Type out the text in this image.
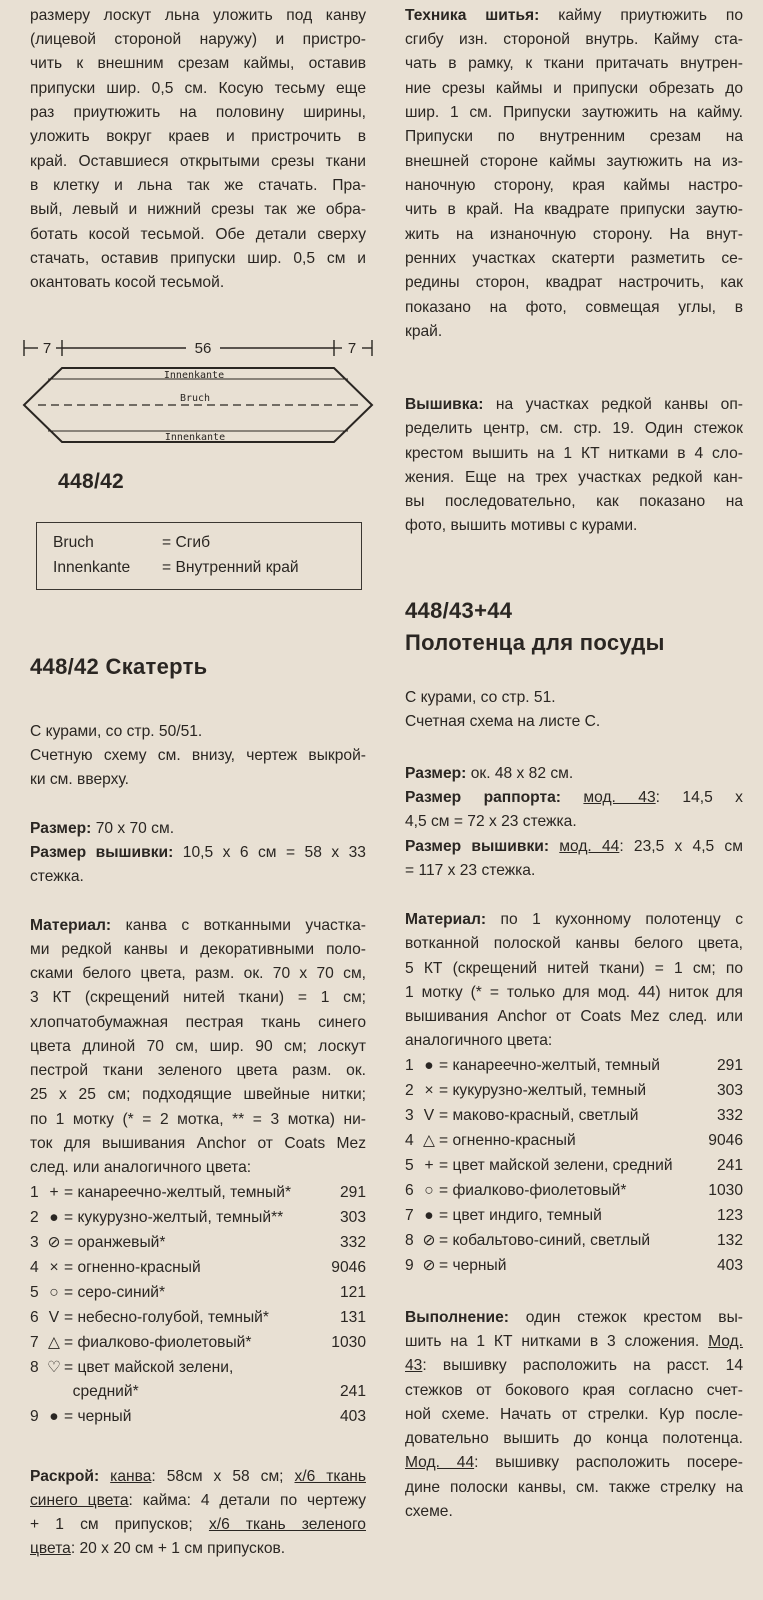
размеру лоскут льна уложить под канву
(лицевой стороной наружу) и пристро-
чить к внешним срезам каймы, оставив
припуски шир. 0,5 см. Косую тесьму еще
раз приутюжить на половину ширины,
уложить вокруг краев и пристрочить в
край. Оставшиеся открытыми срезы ткани
в клетку и льна так же стачать. Пра-
вый, левый и нижний срезы так же обра-
ботать косой тесьмой. Обе детали сверху
стачать, оставив припуски шир. 0,5 см и
окантовать косой тесьмой.
7	56	7
Innenkante
Bruch
Innenkante
448/42
Bruch	= Сгиб
Innenkante = Внутренний край
448/42 Скатерть
С курами, со стр. 50/51.
Счетную схему см. внизу, чертеж выкрой-
ки см. вверху.
Размер: 70 x 70 см.
Размер вышивки: 10,5 x 6 см = 58 x 33
стежка.
Материал: канва с вотканными участка-
ми редкой канвы и декоративными поло-
сками белого цвета, разм. ок. 70 x 70 см,
3 КТ (скрещений нитей ткани) = 1 см;
хлопчатобумажная пестрая ткань синего
цвета длиной 70 см, шир. 90 см; лоскут
пестрой ткани зеленого цвета разм. ок.
25 x 25 см; подходящие швейные нитки;
по 1 мотку (* = 2 мотка, ** = 3 мотка) ни-
ток для вышивания Anchor от Coats Mez
след. или аналогичного цвета:
1 + = канареечно-желтый, темный*	291
2 ● = кукурузно-желтый, темный**	303
3 ⊘ = оранжевый*	332
4 × = огненно-красный	9046
5 ○ = серо-синий*	121
6 V = небесно-голубой, темный*	131
7 △ = фиалково-фиолетовый*	1030
8 ♡ = цвет майской зелени,
средний*	241
9 ● = черный	403
Раскрой: канва: 58см x 58 см; x/6 ткань
синего цвета: кайма: 4 детали по чертежу
+ 1 см припусков; x/6 ткань зеленого
цвета: 20 x 20 см + 1 см припусков.
Техника шитья: кайму приутюжить по
сгибу изн. стороной внутрь. Кайму ста-
чать в рамку, к ткани притачать внутрен-
ние срезы каймы и припуски обрезать до
шир. 1 см. Припуски заутюжить на кайму.
Припуски по внутренним срезам на
внешней стороне каймы заутюжить на из-
наночную сторону, края каймы настро-
чить в край. На квадрате припуски заутю-
жить на изнаночную сторону. На внут-
ренних участках скатерти разметить се-
редины сторон, квадрат настрочить, как
показано на фото, совмещая углы, в
край.
Вышивка: на участках редкой канвы оп-
ределить центр, см. стр. 19. Один стежок
крестом вышить на 1 КТ нитками в 4 сло-
жения. Еще на трех участках редкой кан-
вы последовательно, как показано на
фото, вышить мотивы с курами.
448/43+44
Полотенца для посуды
С курами, со стр. 51.
Счетная схема на листе С.
Размер: ок. 48 x 82 см.
Размер раппорта: мод. 43: 14,5 x
4,5 см = 72 x 23 стежка.
Размер вышивки: мод. 44: 23,5 x 4,5 см
= 117 x 23 стежка.
Материал: по 1 кухонному полотенцу с
вотканной полоской канвы белого цвета,
5 КТ (скрещений нитей ткани) = 1 см; по
1 мотку (* = только для мод. 44) ниток для
вышивания Anchor от Coats Mez след. или
аналогичного цвета:
1 ● = канареечно-желтый, темный	291
2 × = кукурузно-желтый, темный	303
3 V = маково-красный, светлый	332
4 △ = огненно-красный	9046
5 + = цвет майской зелени, средний	241
6 ○ = фиалково-фиолетовый*	1030
7 ● = цвет индиго, темный	123
8 ⊘ = кобальтово-синий, светлый	132
9 ⊘ = черный	403
Выполнение: один стежок крестом вы-
шить на 1 КТ нитками в 3 сложения. Мод.
43: вышивку расположить на расст. 14
стежков от бокового края согласно счет-
ной схеме. Начать от стрелки. Кур после-
довательно вышить до конца полотенца.
Мод. 44: вышивку расположить посере-
дине полоски канвы, см. также стрелку на
схеме.
